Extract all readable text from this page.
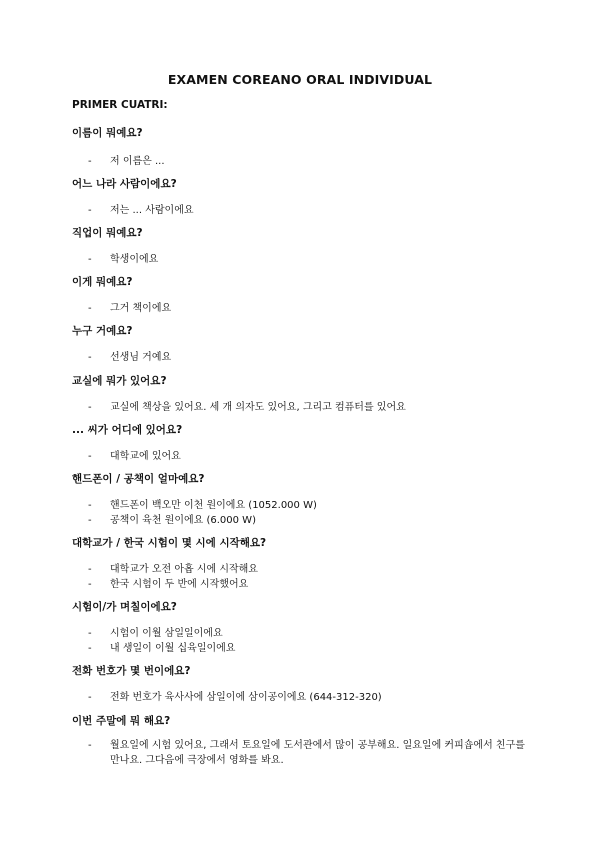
EXAMEN COREANO ORAL INDIVIDUAL
PRIMER CUATRI:
이름이 뭐예요?
- 저 이름은 ...
어느 나라 사람이에요?
- 저는 ... 사람이에요
직업이 뭐예요?
- 학생이에요
이게 뭐예요?
- 그거 책이에요
누구 거예요?
- 선생님 거예요
교실에 뭐가 있어요?
- 교실에 책상을 있어요. 세 개 의자도 있어요, 그리고 컴퓨터를 있어요
... 씨가 어디에 있어요?
- 대학교에 있어요
핸드폰이 / 공책이 얼마예요?
- 핸드폰이 백오만 이천 원이에요 (1052.000 W)
- 공책이 육천 원이에요 (6.000 W)
대학교가 / 한국 시험이 몇 시에 시작해요?
- 대학교가 오전 아홉 시에 시작해요
- 한국 시험이 두 반에 시작했어요
시험이/가 며칠이에요?
- 시험이 이월 삼일일이에요
- 내 생일이 이월 십육일이에요
전화 번호가 몇 번이에요?
- 전화 번호가 육사사에 삼일이에 삼이공이에요 (644-312-320)
이번 주말에 뭐 해요?
-	월요일에 시험 있어요, 그래서 토요일에 도서관에서 많이 공부해요. 일요일에 커피숍에서 친구를 만나요. 그다음에 극장에서 영화를 봐요.
